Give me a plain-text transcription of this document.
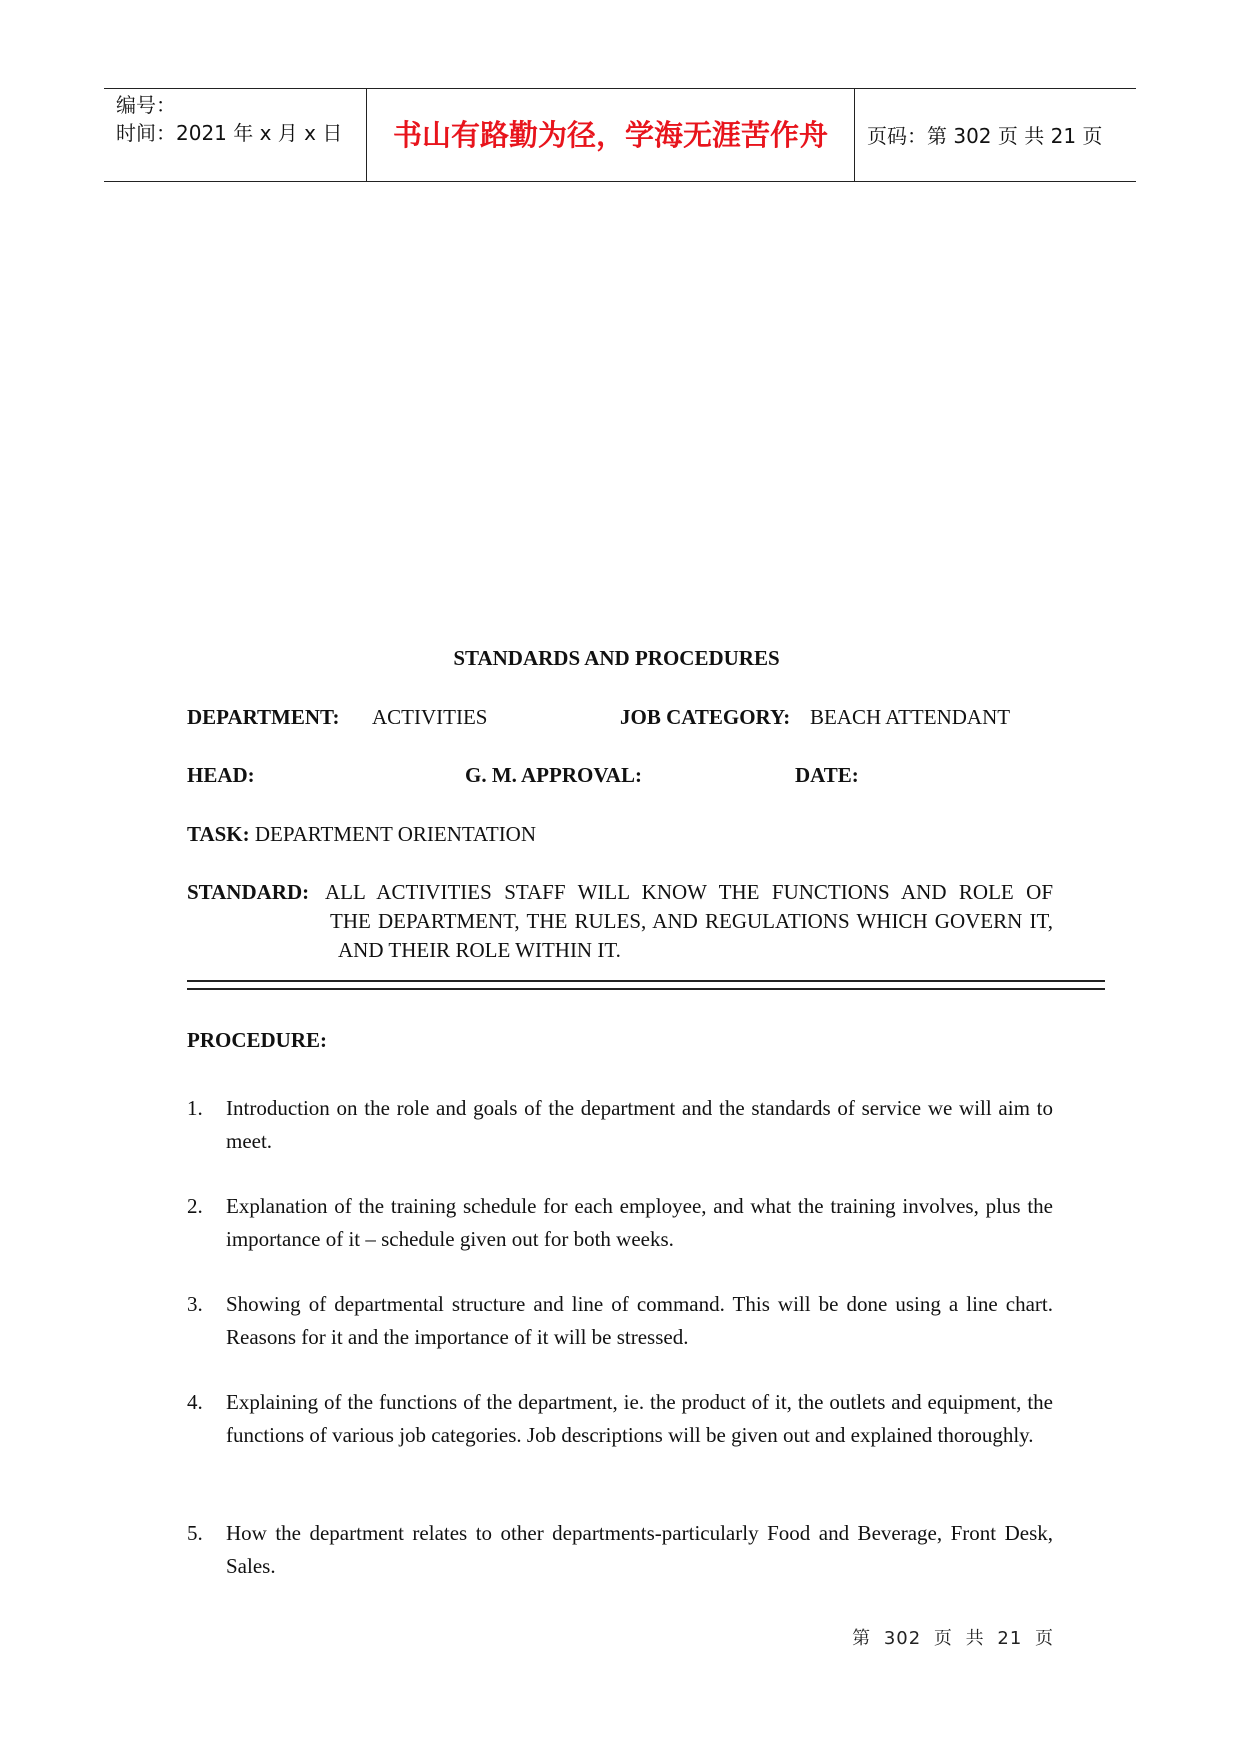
编号：
时间：2021 年 x 月 x 日	书山有路勤为径，学海无涯苦作舟	页码：第 302 页 共 21 页
STANDARDS AND PROCEDURES
DEPARTMENT: ACTIVITIES	JOB CATEGORY: BEACH ATTENDANT
HEAD:	G. M. APPROVAL:	DATE:
TASK: DEPARTMENT ORIENTATION
STANDARD: ALL ACTIVITIES STAFF WILL KNOW THE FUNCTIONS AND ROLE OF
THE DEPARTMENT, THE RULES, AND REGULATIONS WHICH GOVERN IT, AND THEIR ROLE WITHIN IT.
PROCEDURE:
1. Introduction on the role and goals of the department and the standards of service we will aim to meet.
2. Explanation of the training schedule for each employee, and what the training involves, plus the importance of it – schedule given out for both weeks.
3. Showing of departmental structure and line of command. This will be done using a line chart. Reasons for it and the importance of it will be stressed.
4. Explaining of the functions of the department, ie. the product of it, the outlets and equipment, the functions of various job categories. Job descriptions will be given out and explained thoroughly.
5. How the department relates to other departments-particularly Food and Beverage, Front Desk, Sales.
第 302 页 共 21 页
